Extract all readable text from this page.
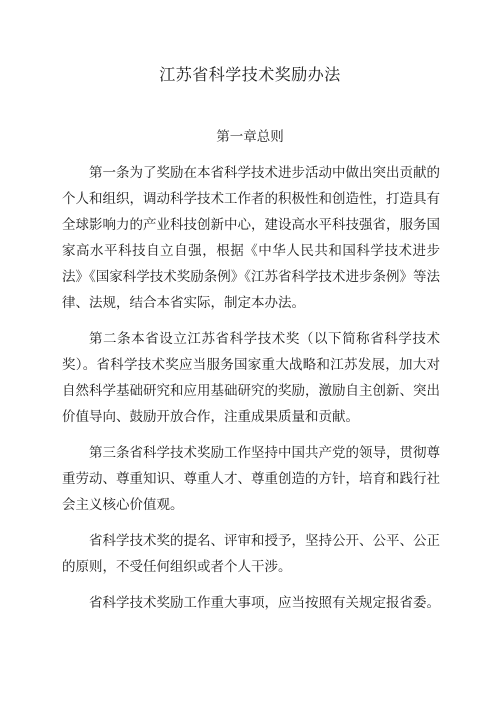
江苏省科学技术奖励办法
第一章总则

第一条为了奖励在本省科学技术进步活动中做出突出贡献的个人和组织，调动科学技术工作者的积极性和创造性，打造具有全球影响力的产业科技创新中心，建设高水平科技强省，服务国家高水平科技自立自强，根据《中华人民共和国科学技术进步法》《国家科学技术奖励条例》《江苏省科学技术进步条例》等法律、法规，结合本省实际，制定本办法。

第二条本省设立江苏省科学技术奖（以下简称省科学技术奖）。省科学技术奖应当服务国家重大战略和江苏发展，加大对自然科学基础研究和应用基础研究的奖励，激励自主创新、突出价值导向、鼓励开放合作，注重成果质量和贡献。

第三条省科学技术奖励工作坚持中国共产党的领导，贯彻尊重劳动、尊重知识、尊重人才、尊重创造的方针，培育和践行社会主义核心价值观。

省科学技术奖的提名、评审和授予，坚持公开、公平、公正的原则，不受任何组织或者个人干涉。

省科学技术奖励工作重大事项，应当按照有关规定报省委。
